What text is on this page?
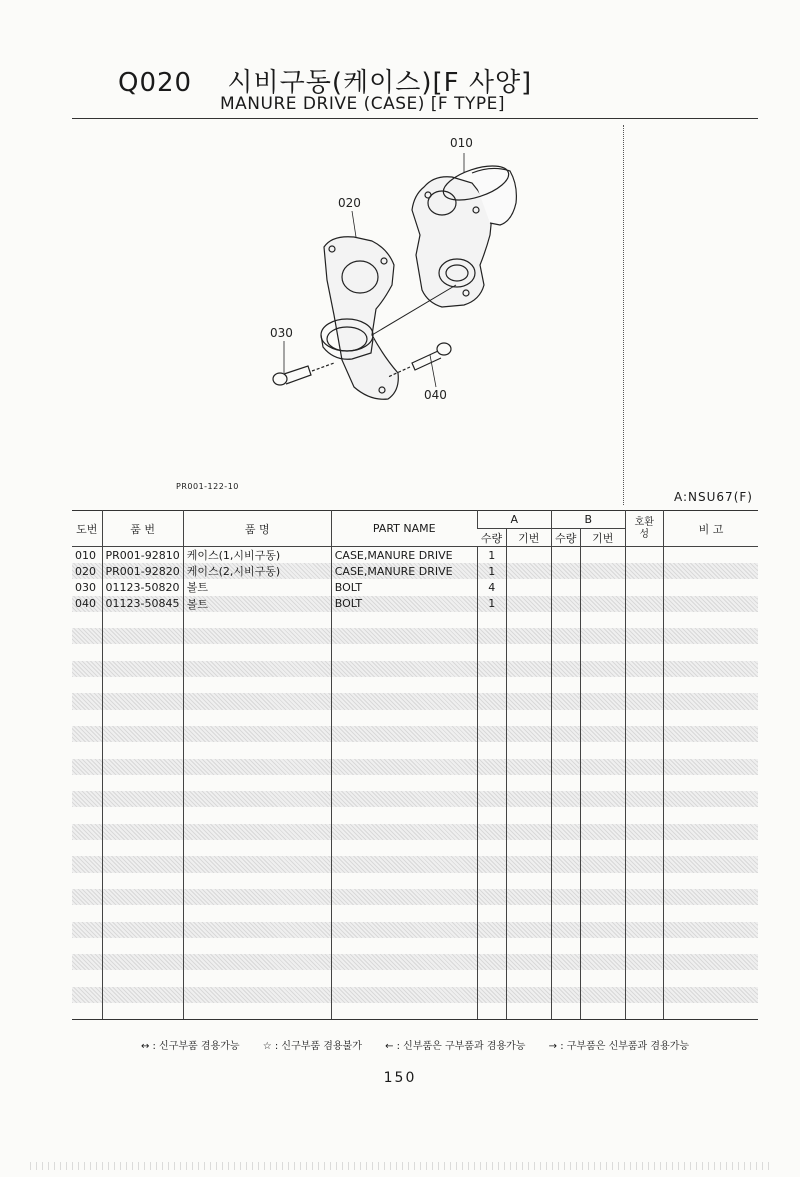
Q020 시비구동(케이스)[F 사양]
MANURE DRIVE (CASE) [F TYPE]
010
020
030
040
PR001-122-10
A:NSU67(F)
도번	품 번	품 명	PART NAME	A		B		호환성	비 고
				수량	기번	수량	기번		
010	PR001-92810	케이스(1,시비구동)	CASE,MANURE DRIVE	1					
020	PR001-92820	케이스(2,시비구동)	CASE,MANURE DRIVE	1					
030	01123-50820	볼트	BOLT	4					
040	01123-50845	볼트	BOLT	1					

↔ : 신구부품 겸용가능 ☆ : 신구부품 겸용불가 ← : 신부품은 구부품과 겸용가능 → : 구부품은 신부품과 겸용가능
150
